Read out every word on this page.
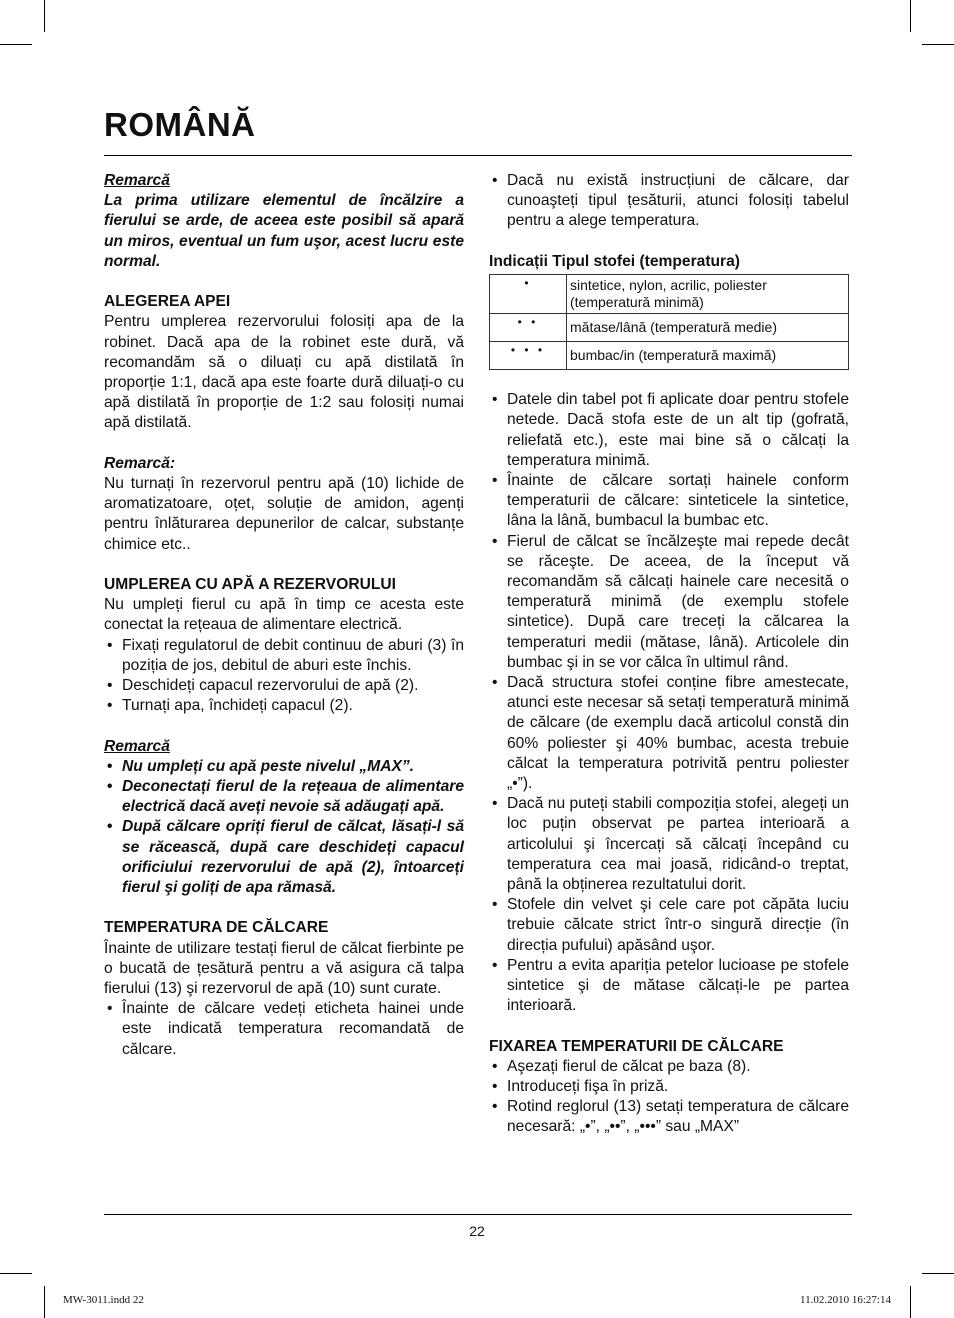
ROMÂNĂ

Remarcă

La prima utilizare elementul de încălzire a fierului se arde, de aceea este posibil să apară un miros, eventual un fum uşor, acest lucru este normal.

ALEGEREA APEI

Pentru umplerea rezervorului folosiți apa de la robinet. Dacă apa de la robinet este dură, vă recomandăm să o diluați cu apă distilată în proporție 1:1, dacă apa este foarte dură diluați-o cu apă distilată în proporție de 1:2 sau folosiți numai apă distilată.

Remarcă:

Nu turnați în rezervorul pentru apă (10) lichide de aromatizatoare, oțet, soluție de amidon, agenți pentru înlăturarea depunerilor de calcar, substanțe chimice etc..

UMPLEREA CU APĂ A REZERVORULUI

Nu umpleți fierul cu apă în timp ce acesta este conectat la rețeaua de alimentare electrică.

• Fixați regulatorul de debit continuu de aburi (3) în poziția de jos, debitul de aburi este închis.

• Deschideți capacul rezervorului de apă (2).

• Turnați apa, închideți capacul (2).

Remarcă

• Nu umpleți cu apă peste nivelul „MAX”.

• Deconectați fierul de la rețeaua de alimentare electrică dacă aveți nevoie să adăugați apă.

• După călcare opriți fierul de călcat, lăsați-l să se răcească, după care deschideți capacul orificiului rezervorului de apă (2), întoarceți fierul şi goliți de apa rămasă.

TEMPERATURA DE CĂLCARE

Înainte de utilizare testați fierul de călcat fierbinte pe o bucată de țesătură pentru a vă asigura că talpa fierului (13) şi rezervorul de apă (10) sunt curate.

• Înainte de călcare vedeți eticheta hainei unde este indicată temperatura recomandată de călcare.

• Dacă nu există instrucțiuni de călcare, dar cunoaşteți tipul țesăturii, atunci folosiți tabelul pentru a alege temperatura.

Indicații Tipul stofei (temperatura)

•	sintetice, nylon, acrilic, poliester (temperatură minimă)
• •	mătase/lână (temperatură medie)
• • •	bumbac/in (temperatură maximă)

• Datele din tabel pot fi aplicate doar pentru stofele netede. Dacă stofa este de un alt tip (gofrată, reliefată etc.), este mai bine să o călcați la temperatura minimă.

• Înainte de călcare sortați hainele conform temperaturii de călcare: sinteticele la sintetice, lâna la lână, bumbacul la bumbac etc.

• Fierul de călcat se încălzeşte mai repede decât se răceşte. De aceea, de la început vă recomandăm să călcați hainele care necesită o temperatură minimă (de exemplu stofele sintetice). După care treceți la călcarea la temperaturi medii (mătase, lână). Articolele din bumbac şi in se vor călca în ultimul rând.

• Dacă structura stofei conține fibre amestecate, atunci este necesar să setați temperatură minimă de călcare (de exemplu dacă articolul constă din 60% poliester şi 40% bumbac, acesta trebuie călcat la temperatura potrivită pentru poliester „•”).

• Dacă nu puteți stabili compoziția stofei, alegeți un loc puțin observat pe partea interioară a articolului şi încercați să călcați începând cu temperatura cea mai joasă, ridicând-o treptat, până la obținerea rezultatului dorit.

• Stofele din velvet şi cele care pot căpăta luciu trebuie călcate strict într-o singură direcție (în direcția pufului) apăsând uşor.

• Pentru a evita apariția petelor lucioase pe stofele sintetice şi de mătase călcați-le pe partea interioară.

FIXAREA TEMPERATURII DE CĂLCARE

• Aşezați fierul de călcat pe baza (8).

• Introduceți fişa în priză.

• Rotind reglorul (13) setați temperatura de călcare necesară: „•”, „••”, „•••” sau „MAX”

22
MW-3011.indd 22	11.02.2010 16:27:14
